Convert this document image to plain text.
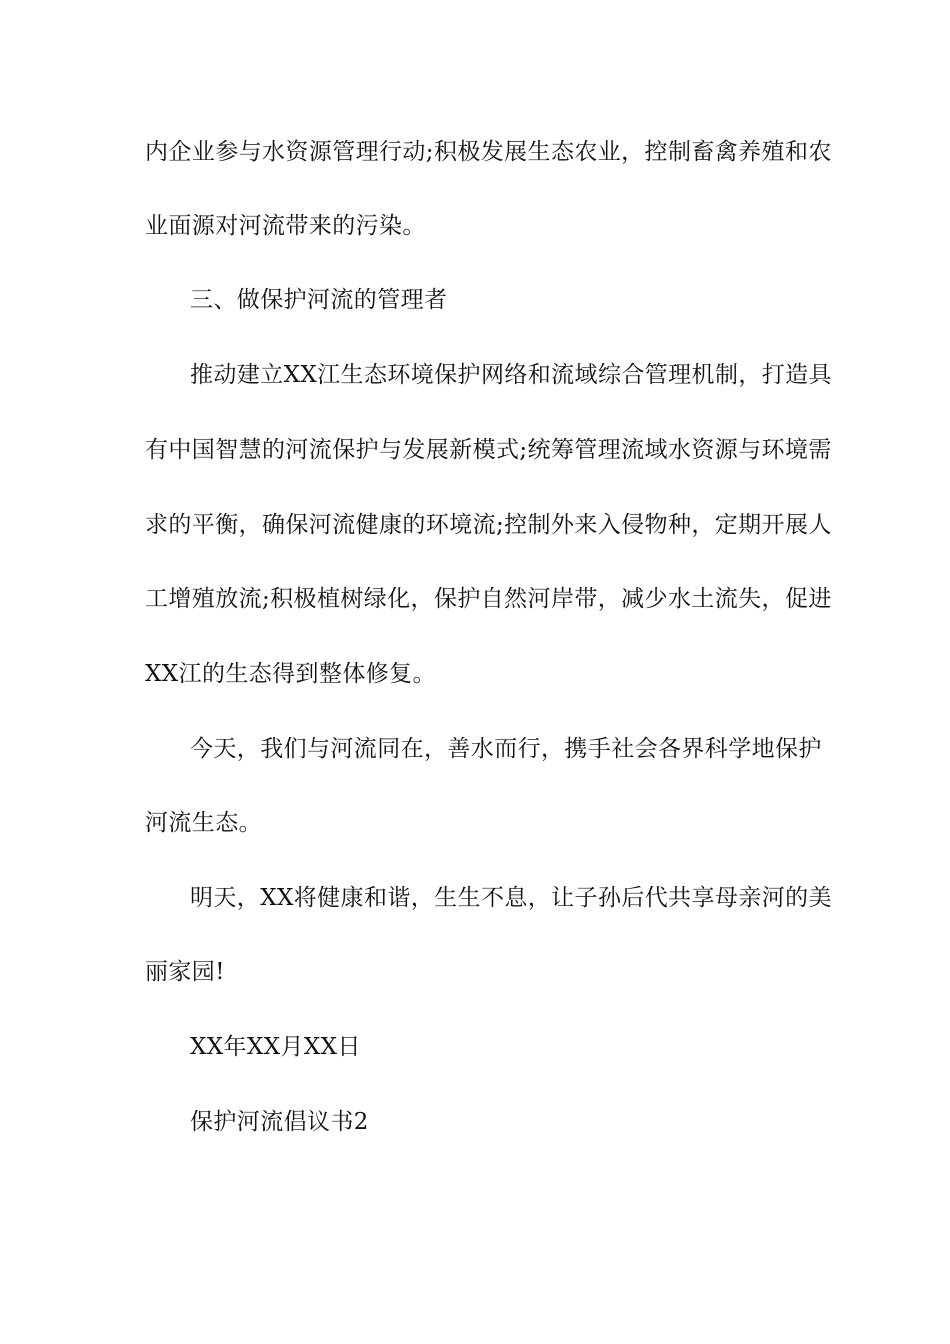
内企业参与水资源管理行动;积极发展生态农业，控制畜禽养殖和农
业面源对河流带来的污染。
三、做保护河流的管理者
推动建立XX江生态环境保护网络和流域综合管理机制，打造具
有中国智慧的河流保护与发展新模式;统筹管理流域水资源与环境需
求的平衡，确保河流健康的环境流;控制外来入侵物种，定期开展人
工增殖放流;积极植树绿化，保护自然河岸带，减少水土流失，促进
XX江的生态得到整体修复。
今天，我们与河流同在，善水而行，携手社会各界科学地保护
河流生态。
明天，XX将健康和谐，生生不息，让子孙后代共享母亲河的美
丽家园!
XX年XX月XX日
保护河流倡议书2
